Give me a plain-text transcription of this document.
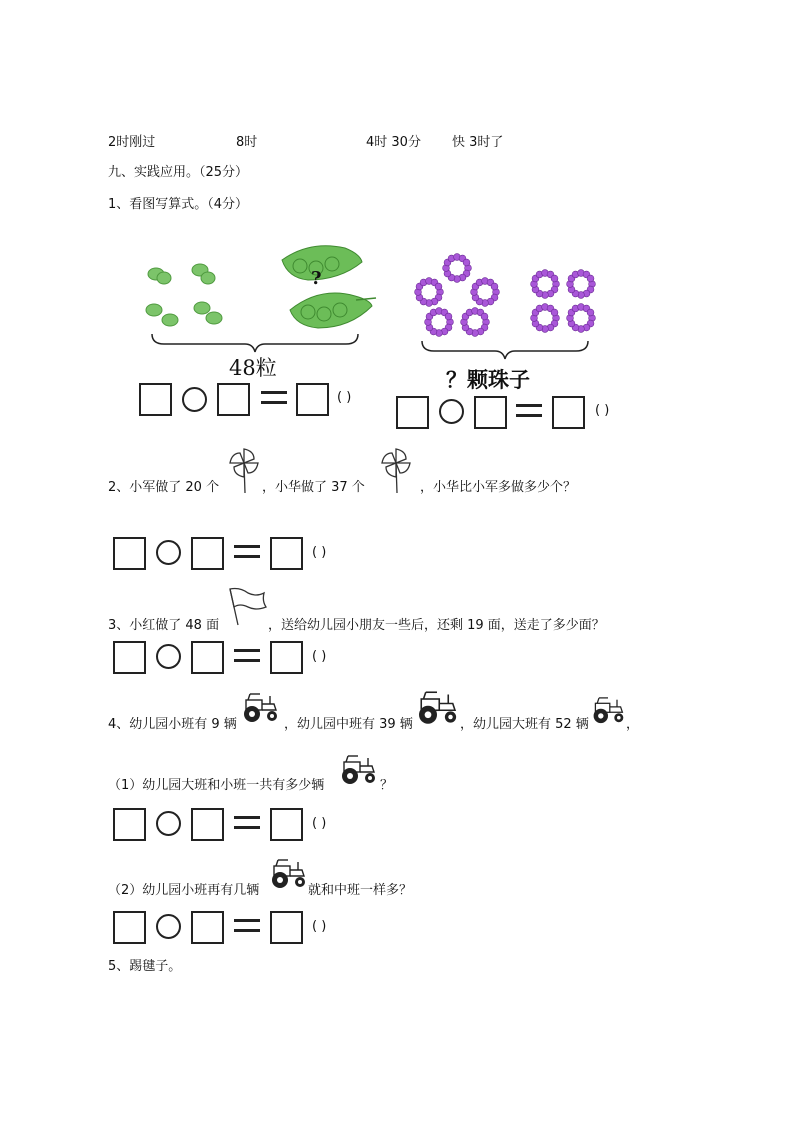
2时刚过	8时	4时 30分 快 3时了
九、实践应用。（25分）
1、看图写算式。（4分）
?
48粒	？颗珠子
( )
( )
2、小军做了 20 个	，小华做了 37 个	，小华比小军多做多少个？
( )
3、小红做了 48 面	，送给幼儿园小朋友一些后，还剩 19 面，送走了多少面？
( )
4、幼儿园小班有 9 辆	，幼儿园中班有 39 辆	，幼儿园大班有 52 辆	，
（1）幼儿园大班和小班一共有多少辆	？
( )
（2）幼儿园小班再有几辆	就和中班一样多？
( )
5、踢毽子。
